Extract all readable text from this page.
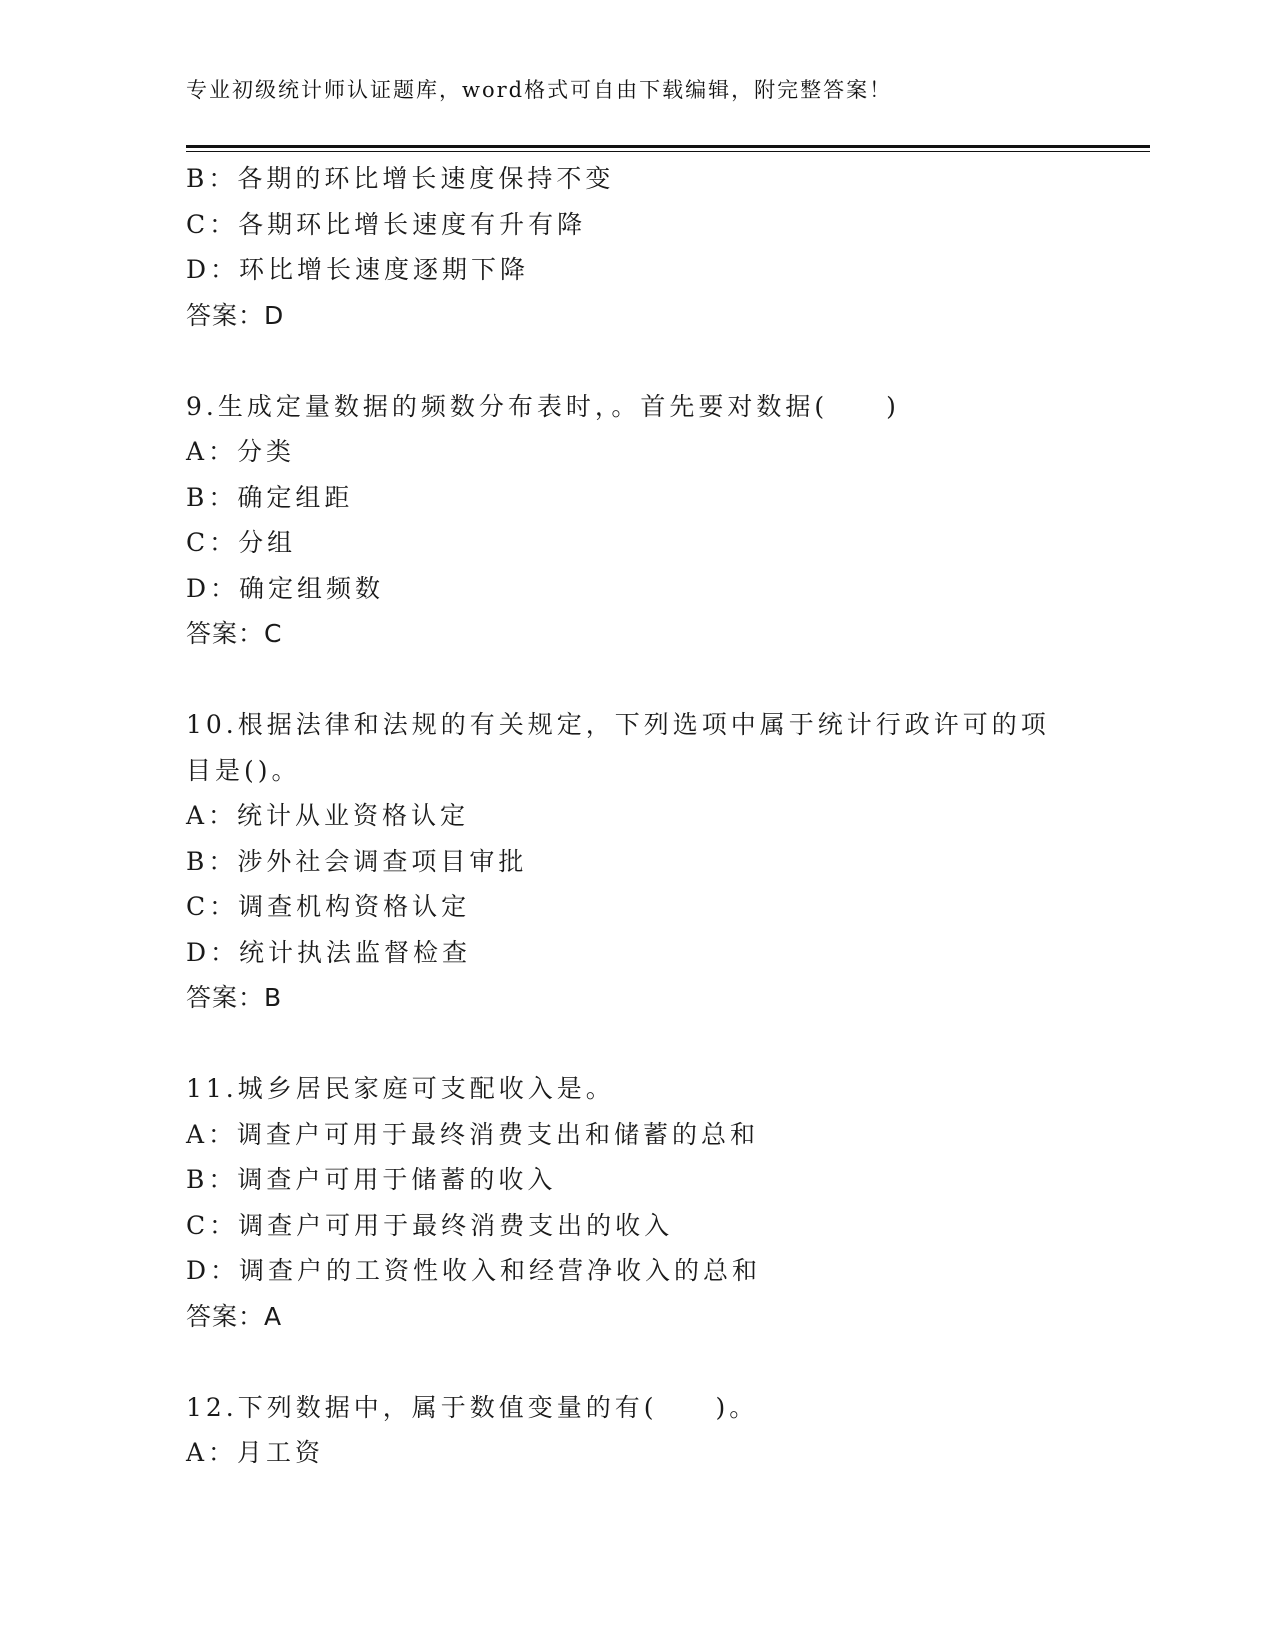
专业初级统计师认证题库，word格式可自由下载编辑，附完整答案！
B：各期的环比增长速度保持不变
C：各期环比增长速度有升有降
D：环比增长速度逐期下降
答案：D
9.生成定量数据的频数分布表时，。首先要对数据(　　)
A：分类
B：确定组距
C：分组
D：确定组频数
答案：C
10.根据法律和法规的有关规定，下列选项中属于统计行政许可的项目是()。
A：统计从业资格认定
B：涉外社会调查项目审批
C：调查机构资格认定
D：统计执法监督检查
答案：B
11.城乡居民家庭可支配收入是。
A：调查户可用于最终消费支出和储蓄的总和
B：调查户可用于储蓄的收入
C：调查户可用于最终消费支出的收入
D：调查户的工资性收入和经营净收入的总和
答案：A
12.下列数据中，属于数值变量的有(　　)。
A：月工资
